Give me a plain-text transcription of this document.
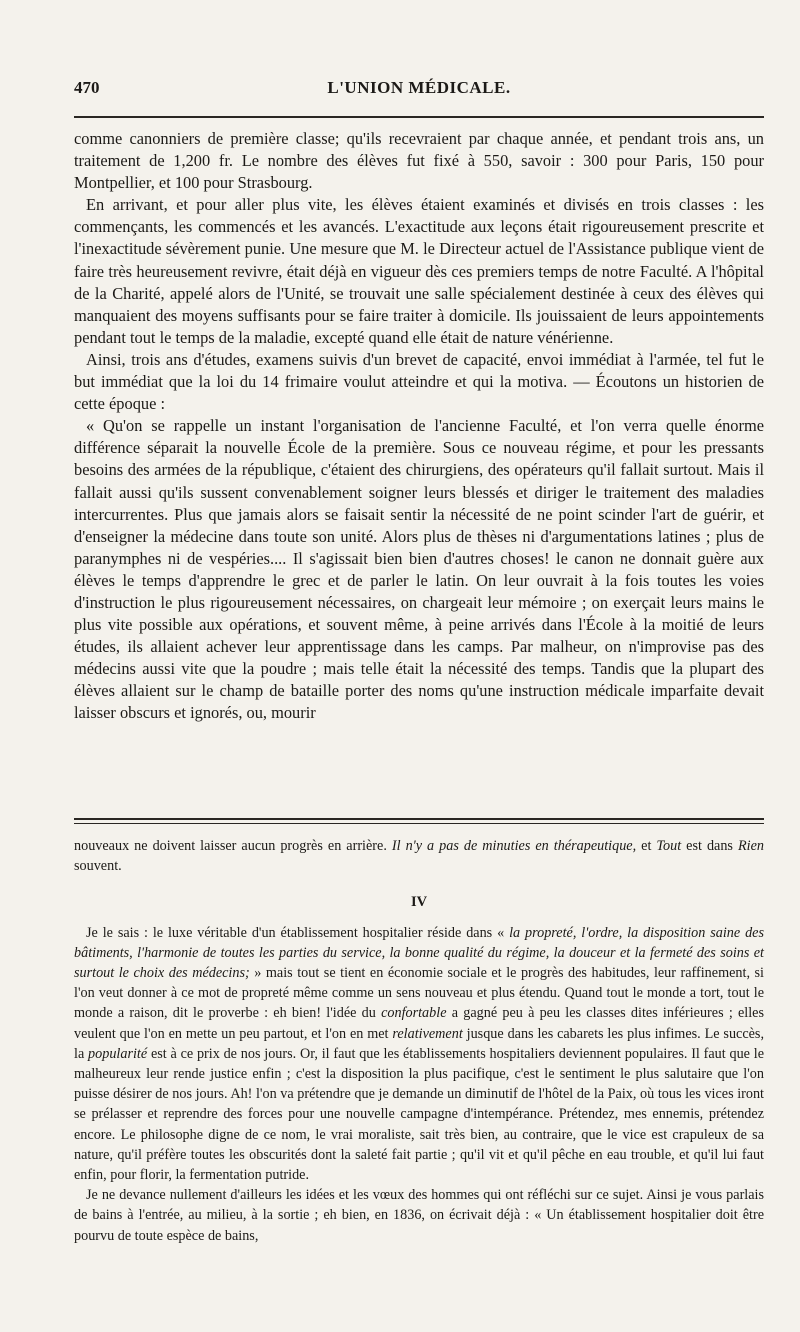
470	L'UNION MÉDICALE.

comme canonniers de première classe; qu'ils recevraient par chaque année, et pendant trois ans, un traitement de 1,200 fr. Le nombre des élèves fut fixé à 550, savoir : 300 pour Paris, 150 pour Montpellier, et 100 pour Strasbourg.

En arrivant, et pour aller plus vite, les élèves étaient examinés et divisés en trois classes : les commençants, les commencés et les avancés. L'exactitude aux leçons était rigoureusement prescrite et l'inexactitude sévèrement punie. Une mesure que M. le Directeur actuel de l'Assistance publique vient de faire très heureusement revivre, était déjà en vigueur dès ces premiers temps de notre Faculté. A l'hôpital de la Charité, appelé alors de l'Unité, se trouvait une salle spécialement destinée à ceux des élèves qui manquaient des moyens suffisants pour se faire traiter à domicile. Ils jouissaient de leurs appointements pendant tout le temps de la maladie, excepté quand elle était de nature vénérienne.

Ainsi, trois ans d'études, examens suivis d'un brevet de capacité, envoi immédiat à l'armée, tel fut le but immédiat que la loi du 14 frimaire voulut atteindre et qui la motiva. — Écoutons un historien de cette époque :

« Qu'on se rappelle un instant l'organisation de l'ancienne Faculté, et l'on verra quelle énorme différence séparait la nouvelle École de la première. Sous ce nouveau régime, et pour les pressants besoins des armées de la république, c'étaient des chirurgiens, des opérateurs qu'il fallait surtout. Mais il fallait aussi qu'ils sussent convenablement soigner leurs blessés et diriger le traitement des maladies intercurrentes. Plus que jamais alors se faisait sentir la nécessité de ne point scinder l'art de guérir, et d'enseigner la médecine dans toute son unité. Alors plus de thèses ni d'argumentations latines ; plus de paranymphes ni de vespéries.... Il s'agissait bien bien d'autres choses! le canon ne donnait guère aux élèves le temps d'apprendre le grec et de parler le latin. On leur ouvrait à la fois toutes les voies d'instruction le plus rigoureusement nécessaires, on chargeait leur mémoire ; on exerçait leurs mains le plus vite possible aux opérations, et souvent même, à peine arrivés dans l'École à la moitié de leurs études, ils allaient achever leur apprentissage dans les camps. Par malheur, on n'improvise pas des médecins aussi vite que la poudre ; mais telle était la nécessité des temps. Tandis que la plupart des élèves allaient sur le champ de bataille porter des noms qu'une instruction médicale imparfaite devait laisser obscurs et ignorés, ou, mourir

nouveaux ne doivent laisser aucun progrès en arrière. Il n'y a pas de minuties en thérapeutique, et Tout est dans Rien souvent.

IV

Je le sais : le luxe véritable d'un établissement hospitalier réside dans « la propreté, l'ordre, la disposition saine des bâtiments, l'harmonie de toutes les parties du service, la bonne qualité du régime, la douceur et la fermeté des soins et surtout le choix des médecins; » mais tout se tient en économie sociale et le progrès des habitudes, leur raffinement, si l'on veut donner à ce mot de propreté même comme un sens nouveau et plus étendu. Quand tout le monde a tort, tout le monde a raison, dit le proverbe : eh bien! l'idée du confortable a gagné peu à peu les classes dites inférieures ; elles veulent que l'on en mette un peu partout, et l'on en met relativement jusque dans les cabarets les plus infimes. Le succès, la popularité est à ce prix de nos jours. Or, il faut que les établissements hospitaliers deviennent populaires. Il faut que le malheureux leur rende justice enfin ; c'est la disposition la plus pacifique, c'est le sentiment le plus salutaire que l'on puisse désirer de nos jours. Ah! l'on va prétendre que je demande un diminutif de l'hôtel de la Paix, où tous les vices iront se prélasser et reprendre des forces pour une nouvelle campagne d'intempérance. Prétendez, mes ennemis, prétendez encore. Le philosophe digne de ce nom, le vrai moraliste, sait très bien, au contraire, que le vice est crapuleux de sa nature, qu'il préfère toutes les obscurités dont la saleté fait partie ; qu'il vit et qu'il pêche en eau trouble, et qu'il lui faut enfin, pour florir, la fermentation putride.

Je ne devance nullement d'ailleurs les idées et les vœux des hommes qui ont réfléchi sur ce sujet. Ainsi je vous parlais de bains à l'entrée, au milieu, à la sortie ; eh bien, en 1836, on écrivait déjà : « Un établissement hospitalier doit être pourvu de toute espèce de bains,
